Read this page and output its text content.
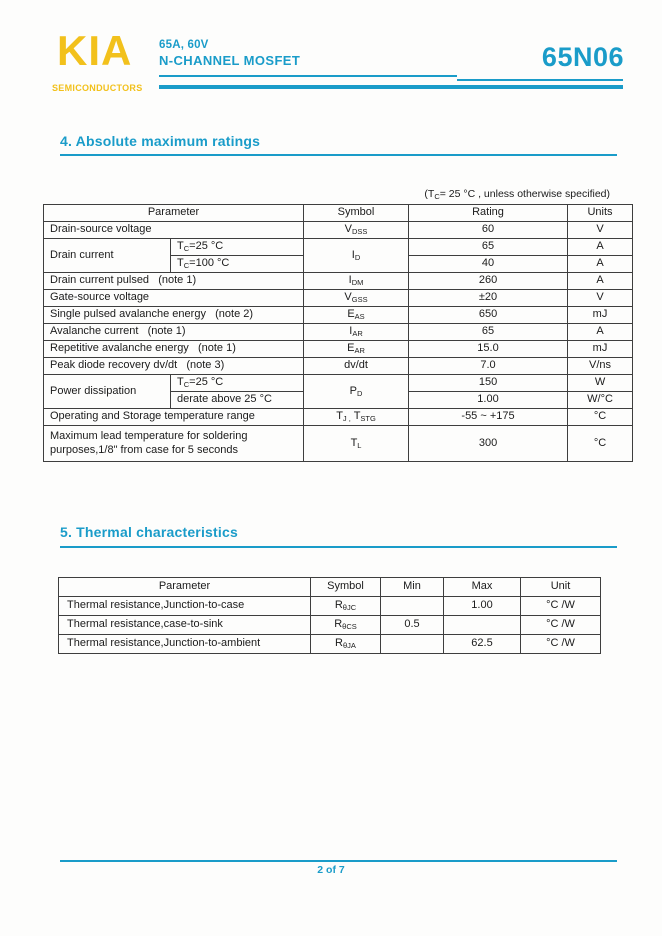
KIA
SEMICONDUCTORS
65A, 60V
N-CHANNEL MOSFET	65N06
4. Absolute maximum ratings
($T_C= 25$ °C , unless otherwise specified)
Parameter		Symbol	Rating	Units
Drain-source voltage		$V_{DSS}$	60	V
Drain current	$T_C=25$ °C	$I_D$	65	A
	$T_C=100$ °C		40	A
Drain current pulsed   (note 1)		$I_{DM}$	260	A
Gate-source voltage		$V_{GSS}$	±20	V
Single pulsed avalanche energy   (note 2)		$E_{AS}$	650	mJ
Avalanche current   (note 1)		$I_{AR}$	65	A
Repetitive avalanche energy   (note 1)		$E_{AR}$	15.0	mJ
Peak diode recovery dv/dt   (note 3)		dv/dt	7.0	V/ns
Power dissipation	$T_C=25$ °C	$P_D$	150	W
	derate above 25 °C		1.00	W/°C
Operating and Storage temperature range		$T_{J ,}$ $T_{STG}$	-55 ~ +175	°C
Maximum lead temperature for soldering purposes,1/8" from case for 5 seconds		$T_L$	300	°C
5. Thermal characteristics
Parameter	Symbol	Min	Max	Unit
Thermal resistance,Junction-to-case	$R_{\theta JC}$		1.00	°C /W
Thermal resistance,case-to-sink	$R_{\theta CS}$	0.5		°C /W
Thermal resistance,Junction-to-ambient	$R_{\theta JA}$		62.5	°C /W
2 of 7
